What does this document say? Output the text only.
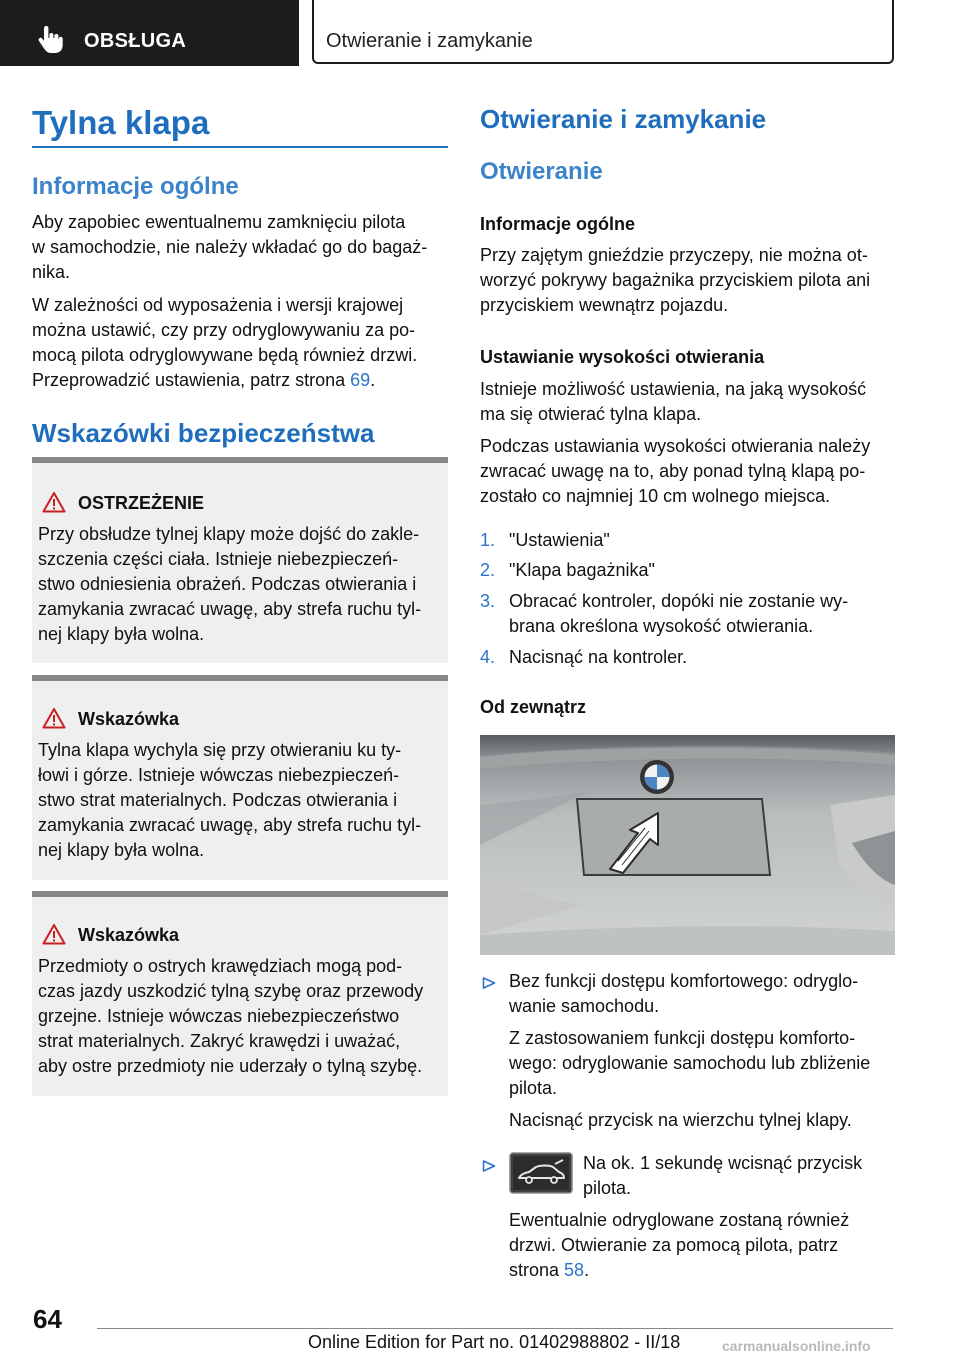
OBSŁUGA	Otwieranie i zamykanie
Tylna klapa
Informacje ogólne

Aby zapobiec ewentualnemu zamknięciu pilota

w samochodzie, nie należy wkładać go do bagaż‐

nika.

W zależności od wyposażenia i wersji krajowej

można ustawić, czy przy odryglowywaniu za po‐

mocą pilota odryglowywane będą również drzwi.

Przeprowadzić ustawienia, patrz strona 69.

Wskazówki bezpieczeństwa
OSTRZEŻENIE

Przy obsłudze tylnej klapy może dojść do zakle‐

szczenia części ciała. Istnieje niebezpieczeń‐

stwo odniesienia obrażeń. Podczas otwierania i

zamykania zwracać uwagę, aby strefa ruchu tyl‐

nej klapy była wolna.

Wskazówka

Tylna klapa wychyla się przy otwieraniu ku ty‐

łowi i górze. Istnieje wówczas niebezpieczeń‐

stwo strat materialnych. Podczas otwierania i

zamykania zwracać uwagę, aby strefa ruchu tyl‐

nej klapy była wolna.

Wskazówka

Przedmioty o ostrych krawędziach mogą pod‐

czas jazdy uszkodzić tylną szybę oraz przewody

grzejne. Istnieje wówczas niebezpieczeństwo

strat materialnych. Zakryć krawędzi i uważać,

aby ostre przedmioty nie uderzały o tylną szybę.

Otwieranie i zamykanie
Otwieranie
Informacje ogólne

Przy zajętym gnieździe przyczepy, nie można ot‐

worzyć pokrywy bagażnika przyciskiem pilota ani

przyciskiem wewnątrz pojazdu.

Ustawianie wysokości otwierania

Istnieje możliwość ustawienia, na jaką wysokość

ma się otwierać tylna klapa.

Podczas ustawiania wysokości otwierania należy

zwracać uwagę na to, aby ponad tylną klapą po‐

zostało co najmniej 10 cm wolnego miejsca.

1. "Ustawienia"

2. "Klapa bagażnika"

3. Obracać kontroler, dopóki nie zostanie wy‐

brana określona wysokość otwierania.

4. Nacisnąć na kontroler.

Od zewnątrz

Bez funkcji dostępu komfortowego: odryglo‐

wanie samochodu.

Z zastosowaniem funkcji dostępu komforto‐

wego: odryglowanie samochodu lub zbliżenie

pilota.

Nacisnąć przycisk na wierzchu tylnej klapy.

Na ok. 1 sekundę wcisnąć przycisk

pilota.

Ewentualnie odryglowane zostaną również

drzwi. Otwieranie za pomocą pilota, patrz

strona 58.

64
Online Edition for Part no. 01402988802 - II/18	carmanualsonline.info
